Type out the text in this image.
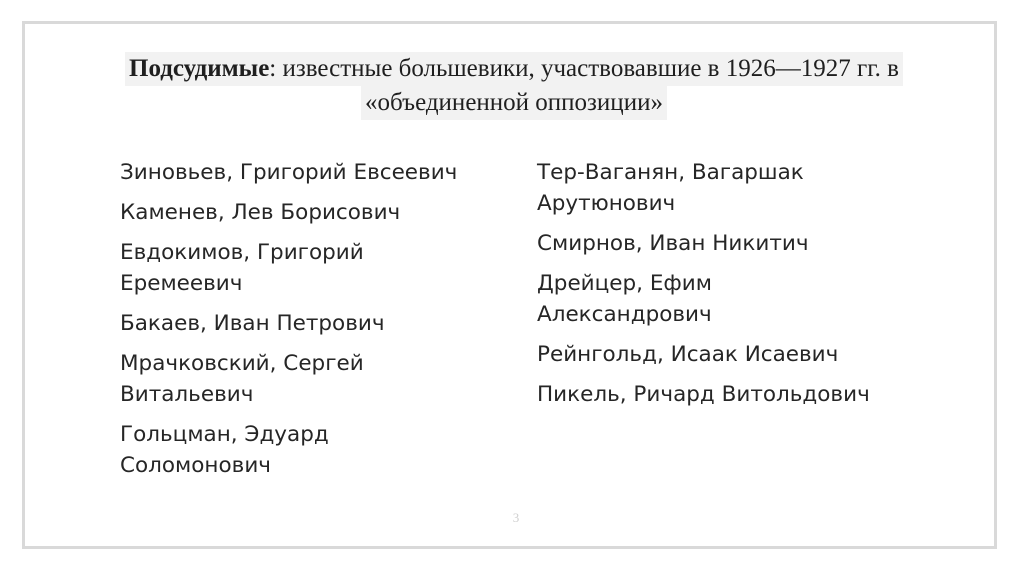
Подсудимые: известные большевики, участвовавшие в 1926—1927 гг. в
«объединенной оппозиции»
Зиновьев, Григорий Евсеевич
Каменев, Лев Борисович
Евдокимов, Григорий
Еремеевич
Бакаев, Иван Петрович
Мрачковский, Сергей
Витальевич
Гольцман, Эдуард
Соломонович
Тер-Ваганян, Вагаршак
Арутюнович
Смирнов, Иван Никитич
Дрейцер, Ефим
Александрович
Рейнгольд, Исаак Исаевич
Пикель, Ричард Витольдович
3
